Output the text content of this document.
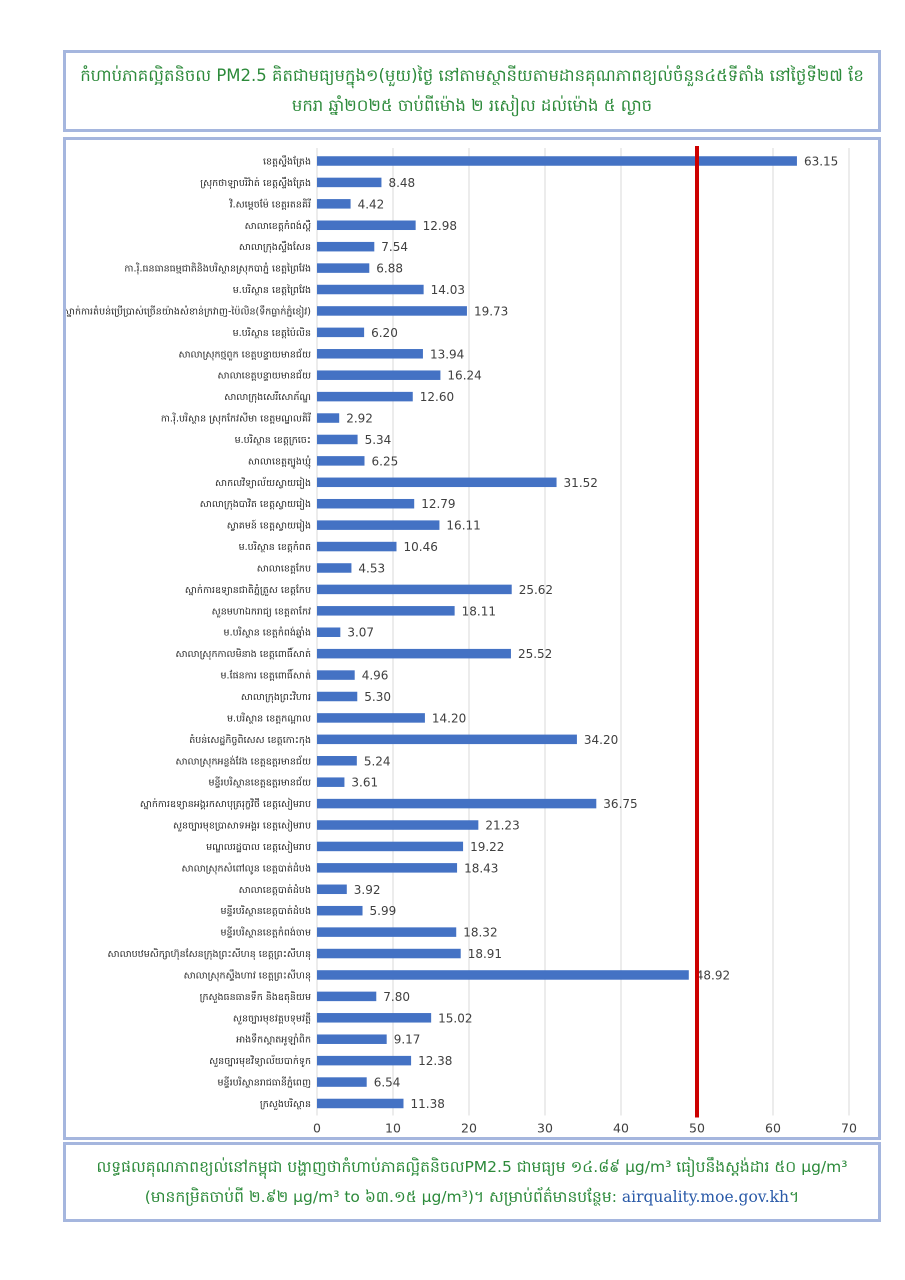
កំហាប់ភាគល្អិតនិចល PM2.5 គិតជាមធ្យមក្នុង១(មួយ)ថ្ងៃ នៅតាមស្ថានីយតាមដានគុណភាពខ្យល់ចំនួន៤៥ទីតាំង នៅថ្ងៃទី២៧ ខែមករា ឆ្នាំ២០២៥ ចាប់ពីម៉ោង ២ រសៀល ដល់ម៉ោង ៥ ល្ងាច
0	10	20	30	40	50	60	70
ខេត្តស្ទឹងត្រែង	63.15
ស្រុកថាឡាបរិវ៉ាត់ ខេត្តស្ទឹងត្រែង	8.48
វិ.សម្តេចម៉ែ ខេត្តរតនគិរី	4.42
សាលាខេត្តកំពង់ស្ពឺ	12.98
សាលាក្រុងស្ទឹងសែន	7.54
កា.រ៉ិ.ធនធានធម្មជាតិនិងបរិស្ថានស្រុកបាភ្នំ ខេត្តព្រៃវែង	6.88
ម.បរិស្ថាន ខេត្តព្រៃវែង	14.03
ស្នាក់ការតំបន់ប្រើប្រាស់ច្រើនយ៉ាងសំខាន់ក្រវាញ-ប៉ៃលិន(ទឹកធ្លាក់ភ្នំខៀវ)	19.73
ម.បរិស្ថាន ខេត្តប៉ៃលិន	6.20
សាលាស្រុកថ្មពួក ខេត្តបន្ទាយមានជ័យ	13.94
សាលាខេត្តបន្ទាយមានជ័យ	16.24
សាលាក្រុងសេរីសោភ័ណ្ឌ	12.60
កា.រ៉ិ.បរិស្ថាន ស្រុកកែវសីមា ខេត្តមណ្ឌលគិរី	2.92
ម.បរិស្ថាន ខេត្តក្រចេះ	5.34
សាលាខេត្តត្បូងឃ្មុំ	6.25
សាកលវិទ្យាល័យស្វាយរៀង	31.52
សាលាក្រុងបាវិត ខេត្តស្វាយរៀង	12.79
ស្វាគមន៍ ខេត្តស្វាយរៀង	16.11
ម.បរិស្ថាន ខេត្តកំពត	10.46
សាលាខេត្តកែប	4.53
ស្នាក់ការឧទ្យានជាតិភ្នំត្រួស ខេត្តកែប	25.62
សួនមហាឯករាជ្យ ខេត្តតាកែវ	18.11
ម.បរិស្ថាន ខេត្តកំពង់ឆ្នាំង	3.07
សាលាស្រុកកាលមិនាង ខេត្តពោធិ៍សាត់	25.52
ម.ផែនការ ខេត្តពោធិ៍សាត់	4.96
សាលាក្រុងព្រះវិហារ	5.30
ម.បរិស្ថាន ខេត្តកណ្តាល	14.20
តំបន់សេដ្ឋកិច្ចពិសេស ខេត្តកោះកុង	34.20
សាលាស្រុកអន្លង់វែង ខេត្តឧត្តរមានជ័យ	5.24
មន្ទីរបរិស្ថានខេត្តឧត្តរមានជ័យ	3.61
ស្នាក់ការឧទ្យានអង្គរកសាបុត្ររុក្ខវិថី ខេត្តសៀមរាប	36.75
សួនច្បារមុខប្រាសាទអង្គរ ខេត្តសៀមរាប	21.23
មណ្ឌលរដ្ឋបាល ខេត្តសៀមរាប	19.22
សាលាស្រុកសំពៅលូន ខេត្តបាត់ដំបង	18.43
សាលាខេត្តបាត់ដំបង	3.92
មន្ទីរបរិស្ថានខេត្តបាត់ដំបង	5.99
មន្ទីរបរិស្ថានខេត្តកំពង់ចាម	18.32
សាលាបឋមសិក្សាហ៊ុនសែនក្រុងព្រះសីហនុ ខេត្តព្រះសីហនុ	18.91
សាលាស្រុកស្ទឹងហាវ ខេត្តព្រះសីហនុ	48.92
ក្រសួងធនធានទឹក និងឧតុនិយម	7.80
សួនច្បារមុខវត្តបទុមវត្តី	15.02
អាងទឹកស្តាតអូឡាំពិក	9.17
សួនច្បារមុខវិទ្យាល័យបាក់ទូក	12.38
មន្ទីរបរិស្ថានរាជធានីភ្នំពេញ	6.54
ក្រសួងបរិស្ថាន	11.38
លទ្ធផលគុណភាពខ្យល់នៅកម្ពុជា បង្ហាញថាកំហាប់ភាគល្អិតនិចលPM2.5 ជាមធ្យម ១៤.៨៩ μg/m³ ធៀបនឹងស្តង់ដារ ៥០ μg/m³
(មានកម្រិតចាប់ពី ២.៩២ μg/m³ to ៦៣.១៥ μg/m³)។ សម្រាប់ព័ត៌មានបន្ថែម: airquality.moe.gov.kh។
